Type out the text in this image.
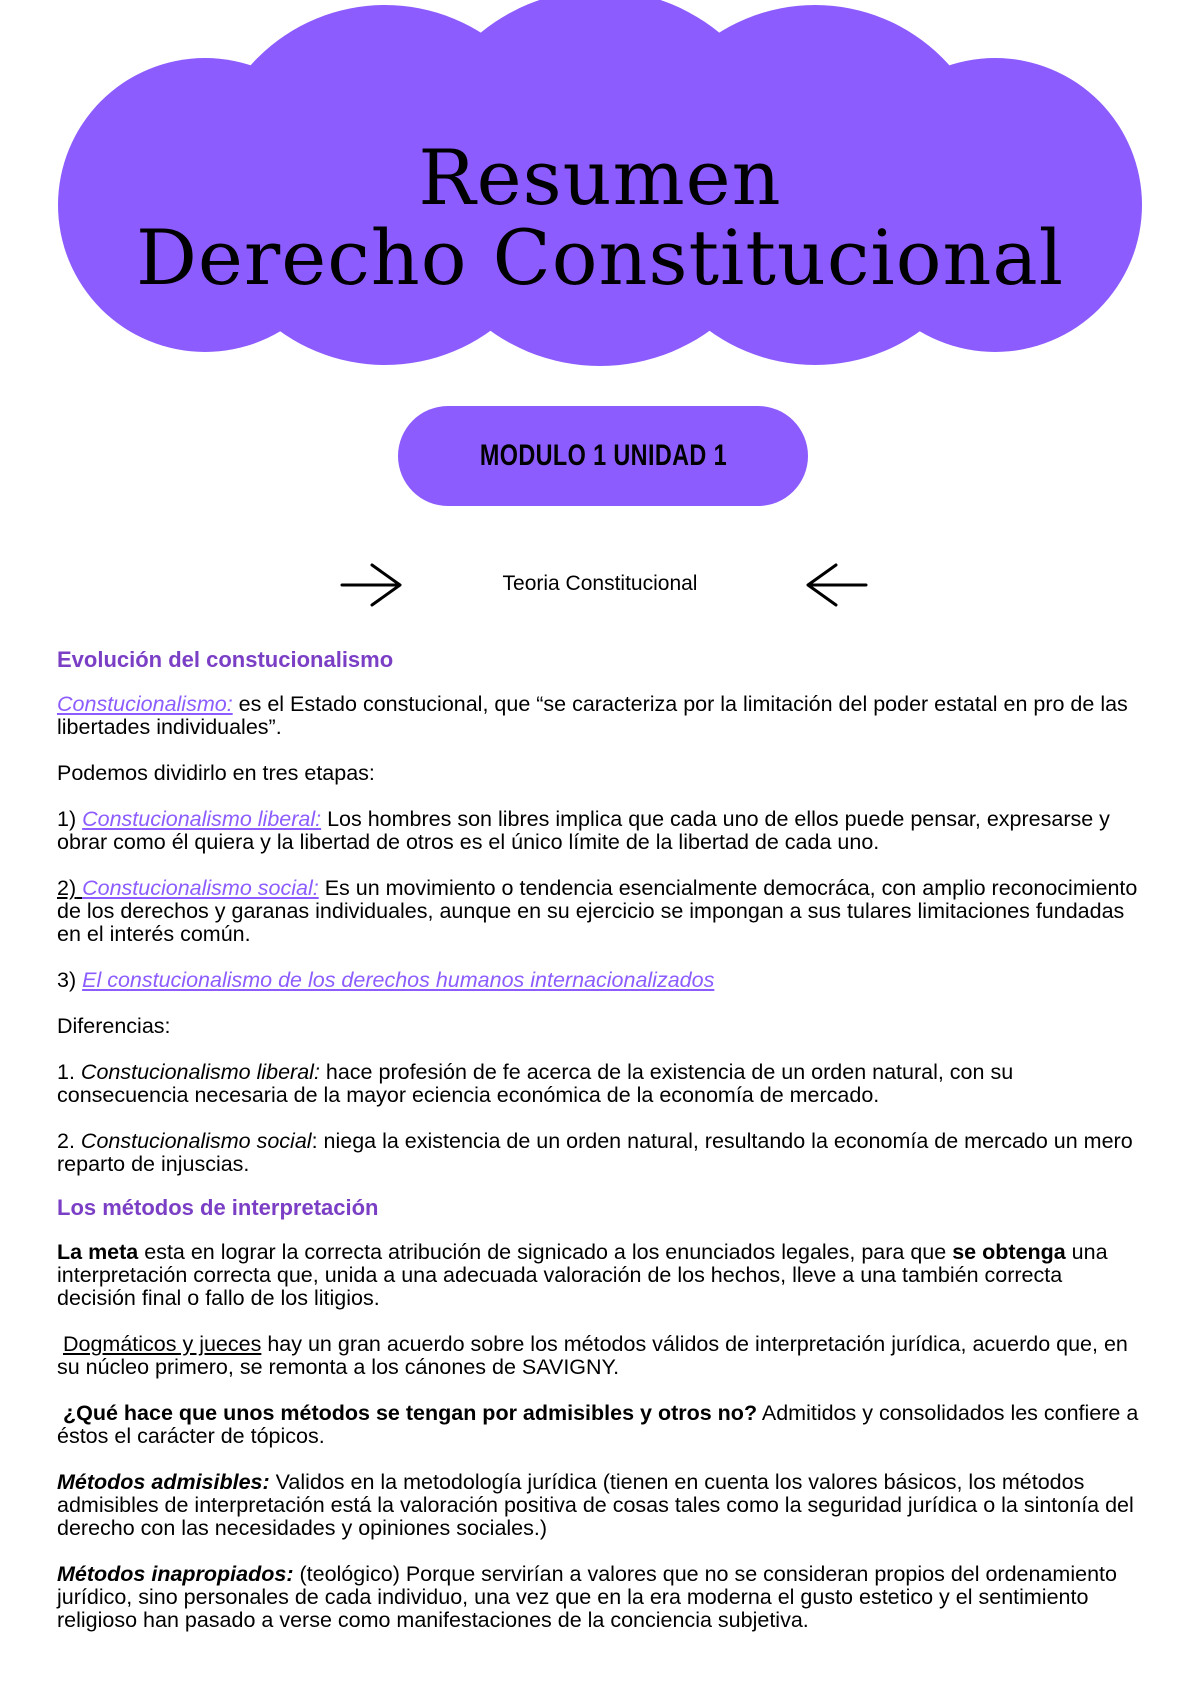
Resumen
Derecho Constitucional
MODULO 1 UNIDAD 1
Teoria Constitucional
Evolución del constucionalismo

Constucionalismo: es el Estado constucional, que “se caracteriza por la limitación del poder estatal en pro de las libertades individuales”.

Podemos dividirlo en tres etapas:

1) Constucionalismo liberal: Los hombres son libres implica que cada uno de ellos puede pensar, expresarse y obrar como él quiera y la libertad de otros es el único límite de la libertad de cada uno.

2) Constucionalismo social: Es un movimiento o tendencia esencialmente democráca, con amplio reconocimiento de los derechos y garanas individuales, aunque en su ejercicio se impongan a sus tulares limitaciones fundadas en el interés común.

3) El constucionalismo de los derechos humanos internacionalizados

Diferencias:

1. Constucionalismo liberal: hace profesión de fe acerca de la existencia de un orden natural, con su consecuencia necesaria de la mayor eciencia económica de la economía de mercado.

2. Constucionalismo social: niega la existencia de un orden natural, resultando la economía de mercado un mero reparto de injuscias.

Los métodos de interpretación

La meta esta en lograr la correcta atribución de signicado a los enunciados legales, para que se obtenga una interpretación correcta que, unida a una adecuada valoración de los hechos, lleve a una también correcta decisión final o fallo de los litigios.

Dogmáticos y jueces hay un gran acuerdo sobre los métodos válidos de interpretación jurídica, acuerdo que, en su núcleo primero, se remonta a los cánones de SAVIGNY.

¿Qué hace que unos métodos se tengan por admisibles y otros no? Admitidos y consolidados les confiere a éstos el carácter de tópicos.

Métodos admisibles: Validos en la metodología jurídica (tienen en cuenta los valores básicos, los métodos admisibles de interpretación está la valoración positiva de cosas tales como la seguridad jurídica o la sintonía del derecho con las necesidades y opiniones sociales.)

Métodos inapropiados: (teológico) Porque servirían a valores que no se consideran propios del ordenamiento jurídico, sino personales de cada individuo, una vez que en la era moderna el gusto estetico y el sentimiento religioso han pasado a verse como manifestaciones de la conciencia subjetiva.
